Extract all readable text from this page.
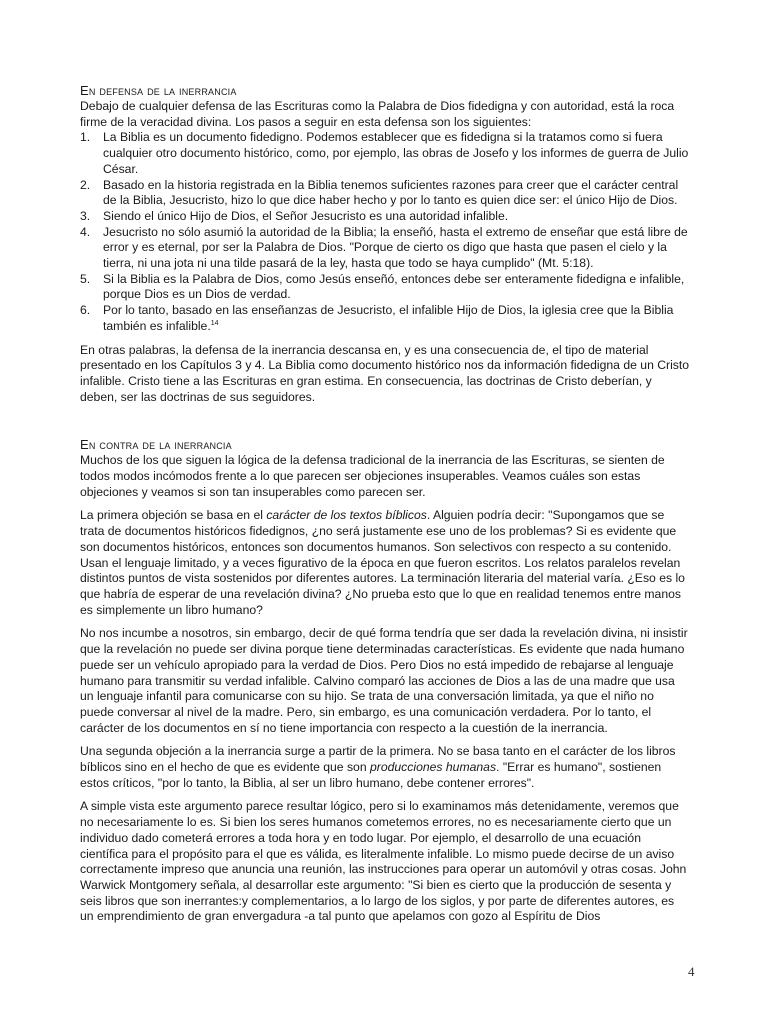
En defensa de la inerrancia

Debajo de cualquier defensa de las Escrituras como la Palabra de Dios fidedigna y con autoridad, está la roca firme de la veracidad divina. Los pasos a seguir en esta defensa son los siguientes:

1. La Biblia es un documento fidedigno. Podemos establecer que es fidedigna si la tratamos como si fuera cualquier otro documento histórico, como, por ejemplo, las obras de Josefo y los informes de guerra de Julio César.
2. Basado en la historia registrada en la Biblia tenemos suficientes razones para creer que el carácter central de la Biblia, Jesucristo, hizo lo que dice haber hecho y por lo tanto es quien dice ser: el único Hijo de Dios.
3. Siendo el único Hijo de Dios, el Señor Jesucristo es una autoridad infalible.
4. Jesucristo no sólo asumió la autoridad de la Biblia; la enseñó, hasta el extremo de enseñar que está libre de error y es eternal, por ser la Palabra de Dios. "Porque de cierto os digo que hasta que pasen el cielo y la tierra, ni una jota ni una tilde pasará de la ley, hasta que todo se haya cumplido" (Mt. 5:18).
5. Si la Biblia es la Palabra de Dios, como Jesús enseñó, entonces debe ser enteramente fidedigna e infalible, porque Dios es un Dios de verdad.
6. Por lo tanto, basado en las enseñanzas de Jesucristo, el infalible Hijo de Dios, la iglesia cree que la Biblia también es infalible.$^{14}$

En otras palabras, la defensa de la inerrancia descansa en, y es una consecuencia de, el tipo de material presentado en los Capítulos 3 y 4. La Biblia como documento histórico nos da información fidedigna de un Cristo infalible. Cristo tiene a las Escrituras en gran estima. En consecuencia, las doctrinas de Cristo deberían, y deben, ser las doctrinas de sus seguidores.

En contra de la inerrancia

Muchos de los que siguen la lógica de la defensa tradicional de la inerrancia de las Escrituras, se sienten de todos modos incómodos frente a lo que parecen ser objeciones insuperables. Veamos cuáles son estas objeciones y veamos si son tan insuperables como parecen ser.

La primera objeción se basa en el carácter de los textos bíblicos. Alguien podría decir: "Supongamos que se trata de documentos históricos fidedignos, ¿no será justamente ese uno de los problemas? Si es evidente que son documentos históricos, entonces son documentos humanos. Son selectivos con respecto a su contenido. Usan el lenguaje limitado, y a veces figurativo de la época en que fueron escritos. Los relatos paralelos revelan distintos puntos de vista sostenidos por diferentes autores. La terminación literaria del material varía. ¿Eso es lo que habría de esperar de una revelación divina? ¿No prueba esto que lo que en realidad tenemos entre manos es simplemente un libro humano?

No nos incumbe a nosotros, sin embargo, decir de qué forma tendría que ser dada la revelación divina, ni insistir que la revelación no puede ser divina porque tiene determinadas características. Es evidente que nada humano puede ser un vehículo apropiado para la verdad de Dios. Pero Dios no está impedido de rebajarse al lenguaje humano para transmitir su verdad infalible. Calvino comparó las acciones de Dios a las de una madre que usa un lenguaje infantil para comunicarse con su hijo. Se trata de una conversación limitada, ya que el niño no puede conversar al nivel de la madre. Pero, sin embargo, es una comunicación verdadera. Por lo tanto, el carácter de los documentos en sí no tiene importancia con respecto a la cuestión de la inerrancia.

Una segunda objeción a la inerrancia surge a partir de la primera. No se basa tanto en el carácter de los libros bíblicos sino en el hecho de que es evidente que son producciones humanas. "Errar es humano", sostienen estos críticos, "por lo tanto, la Biblia, al ser un libro humano, debe contener errores".

A simple vista este argumento parece resultar lógico, pero si lo examinamos más detenidamente, veremos que no necesariamente lo es. Si bien los seres humanos cometemos errores, no es necesariamente cierto que un individuo dado cometerá errores a toda hora y en todo lugar. Por ejemplo, el desarrollo de una ecuación científica para el propósito para el que es válida, es literalmente infalible. Lo mismo puede decirse de un aviso correctamente impreso que anuncia una reunión, las instrucciones para operar un automóvil y otras cosas. John Warwick Montgomery señala, al desarrollar este argumento: "Si bien es cierto que la producción de sesenta y seis libros que son inerrantes:y complementarios, a lo largo de los siglos, y por parte de diferentes autores, es un emprendimiento de gran envergadura -a tal punto que apelamos con gozo al Espíritu de Dios

4
